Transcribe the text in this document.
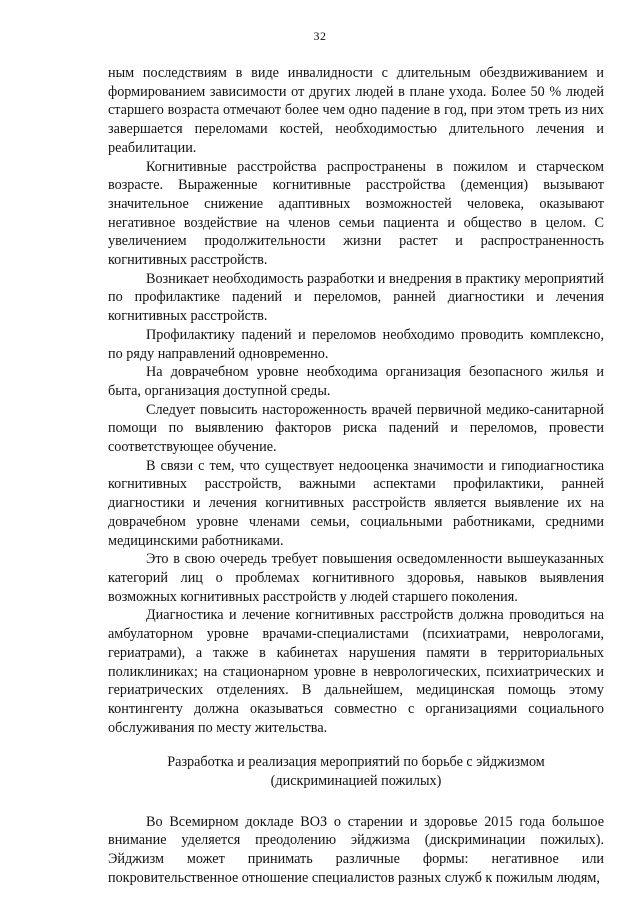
32

ным последствиям в виде инвалидности с длительным обездвиживанием и формированием зависимости от других людей в плане ухода. Более 50 % людей старшего возраста отмечают более чем одно падение в год, при этом треть из них завершается переломами костей, необходимостью длительного лечения и реабилитации.

Когнитивные расстройства распространены в пожилом и старческом возрасте. Выраженные когнитивные расстройства (деменция) вызывают значительное снижение адаптивных возможностей человека, оказывают негативное воздействие на членов семьи пациента и общество в целом. С увеличением продолжительности жизни растет и распространенность когнитивных расстройств.

Возникает необходимость разработки и внедрения в практику мероприятий по профилактике падений и переломов, ранней диагностики и лечения когнитивных расстройств.

Профилактику падений и переломов необходимо проводить комплексно, по ряду направлений одновременно.

На доврачебном уровне необходима организация безопасного жилья и быта, организация доступной среды.

Следует повысить настороженность врачей первичной медико-санитарной помощи по выявлению факторов риска падений и переломов, провести соответствующее обучение.

В связи с тем, что существует недооценка значимости и гиподиагностика когнитивных расстройств, важными аспектами профилактики, ранней диагностики и лечения когнитивных расстройств является выявление их на доврачебном уровне членами семьи, социальными работниками, средними медицинскими работниками.

Это в свою очередь требует повышения осведомленности вышеуказанных категорий лиц о проблемах когнитивного здоровья, навыков выявления возможных когнитивных расстройств у людей старшего поколения.

Диагностика и лечение когнитивных расстройств должна проводиться на амбулаторном уровне врачами-специалистами (психиатрами, неврологами, гериатрами), а также в кабинетах нарушения памяти в территориальных поликлиниках; на стационарном уровне в неврологических, психиатрических и гериатрических отделениях. В дальнейшем, медицинская помощь этому контингенту должна оказываться совместно с организациями социального обслуживания по месту жительства.

Разработка и реализация мероприятий по борьбе с эйджизмом
(дискриминацией пожилых)

Во Всемирном докладе ВОЗ о старении и здоровье 2015 года большое внимание уделяется преодолению эйджизма (дискриминации пожилых). Эйджизм может принимать различные формы: негативное или покровительственное отношение специалистов разных служб к пожилым людям,
